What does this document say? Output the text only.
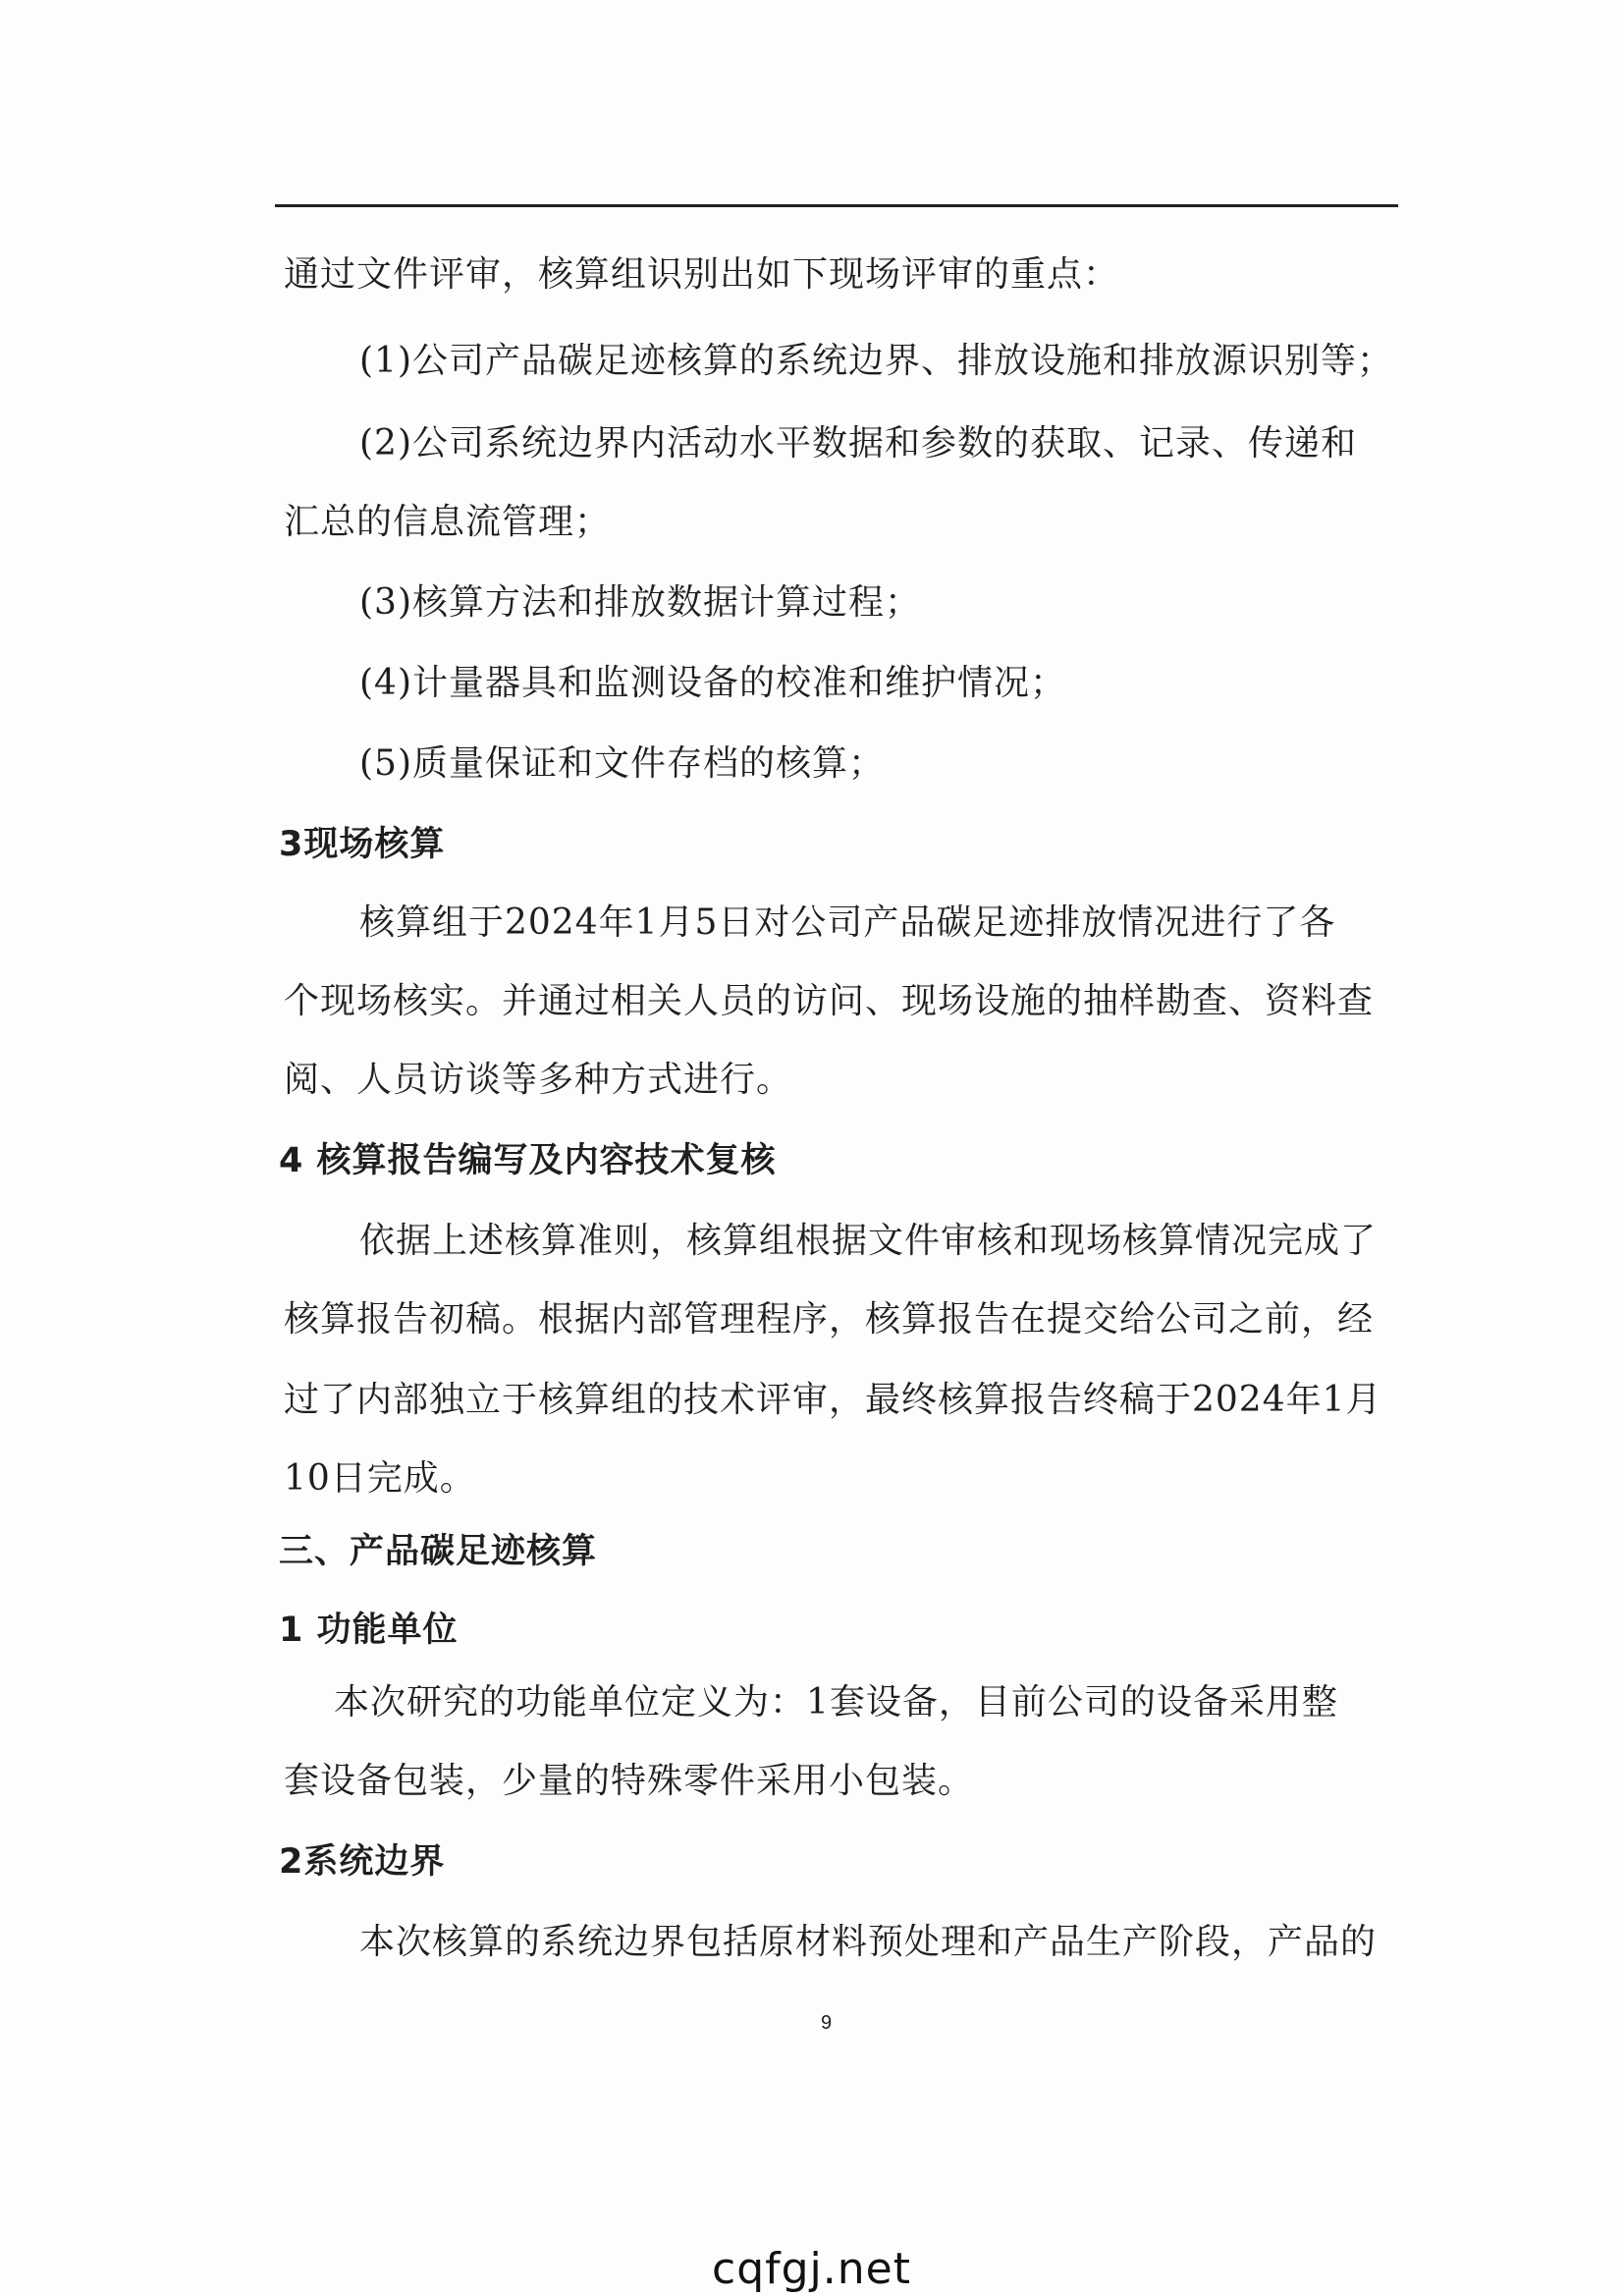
通过文件评审，核算组识别出如下现场评审的重点：
(1)公司产品碳足迹核算的系统边界、排放设施和排放源识别等；
(2)公司系统边界内活动水平数据和参数的获取、记录、传递和
汇总的信息流管理；
(3)核算方法和排放数据计算过程；
(4)计量器具和监测设备的校准和维护情况；
(5)质量保证和文件存档的核算；
3现场核算
核算组于2024年1月5日对公司产品碳足迹排放情况进行了各
个现场核实。并通过相关人员的访问、现场设施的抽样勘查、资料查
阅、人员访谈等多种方式进行。
4 核算报告编写及内容技术复核
依据上述核算准则，核算组根据文件审核和现场核算情况完成了
核算报告初稿。根据内部管理程序，核算报告在提交给公司之前，经
过了内部独立于核算组的技术评审，最终核算报告终稿于2024年1月
10日完成。
三、产品碳足迹核算
1 功能单位
本次研究的功能单位定义为：1套设备，目前公司的设备采用整
套设备包装，少量的特殊零件采用小包装。
2系统边界
本次核算的系统边界包括原材料预处理和产品生产阶段，产品的
9
cqfgj.net
